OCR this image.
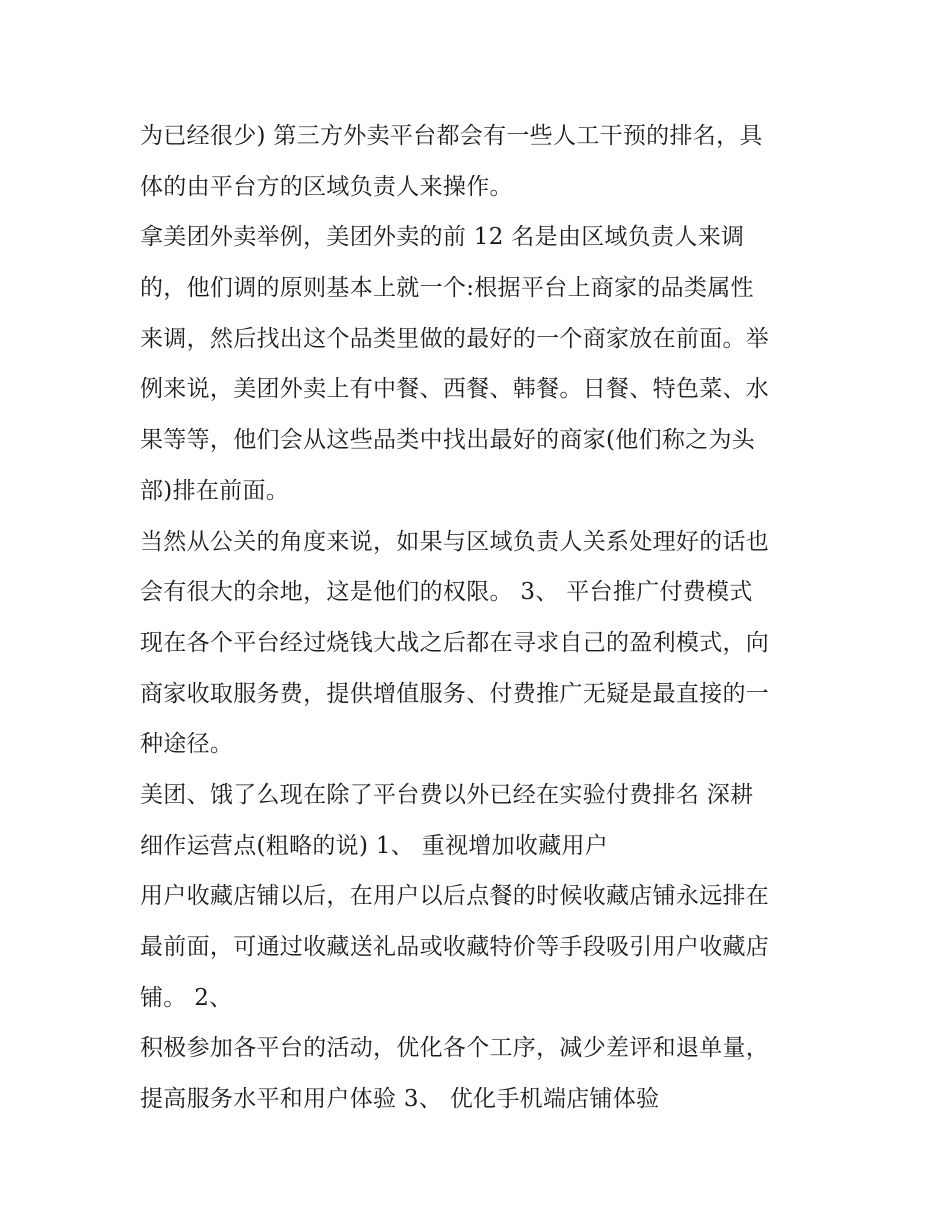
为已经很少) 第三方外卖平台都会有一些人工干预的排名，具
体的由平台方的区域负责人来操作。
拿美团外卖举例，美团外卖的前 12 名是由区域负责人来调
的，他们调的原则基本上就一个:根据平台上商家的品类属性
来调，然后找出这个品类里做的最好的一个商家放在前面。举
例来说，美团外卖上有中餐、西餐、韩餐。日餐、特色菜、水
果等等，他们会从这些品类中找出最好的商家(他们称之为头
部)排在前面。
当然从公关的角度来说，如果与区域负责人关系处理好的话也
会有很大的余地，这是他们的权限。 3、 平台推广付费模式
现在各个平台经过烧钱大战之后都在寻求自己的盈利模式，向
商家收取服务费，提供增值服务、付费推广无疑是最直接的一
种途径。
美团、饿了么现在除了平台费以外已经在实验付费排名 深耕
细作运营点(粗略的说) 1、 重视增加收藏用户
用户收藏店铺以后，在用户以后点餐的时候收藏店铺永远排在
最前面，可通过收藏送礼品或收藏特价等手段吸引用户收藏店
铺。 2、
积极参加各平台的活动，优化各个工序，减少差评和退单量，
提高服务水平和用户体验 3、 优化手机端店铺体验
